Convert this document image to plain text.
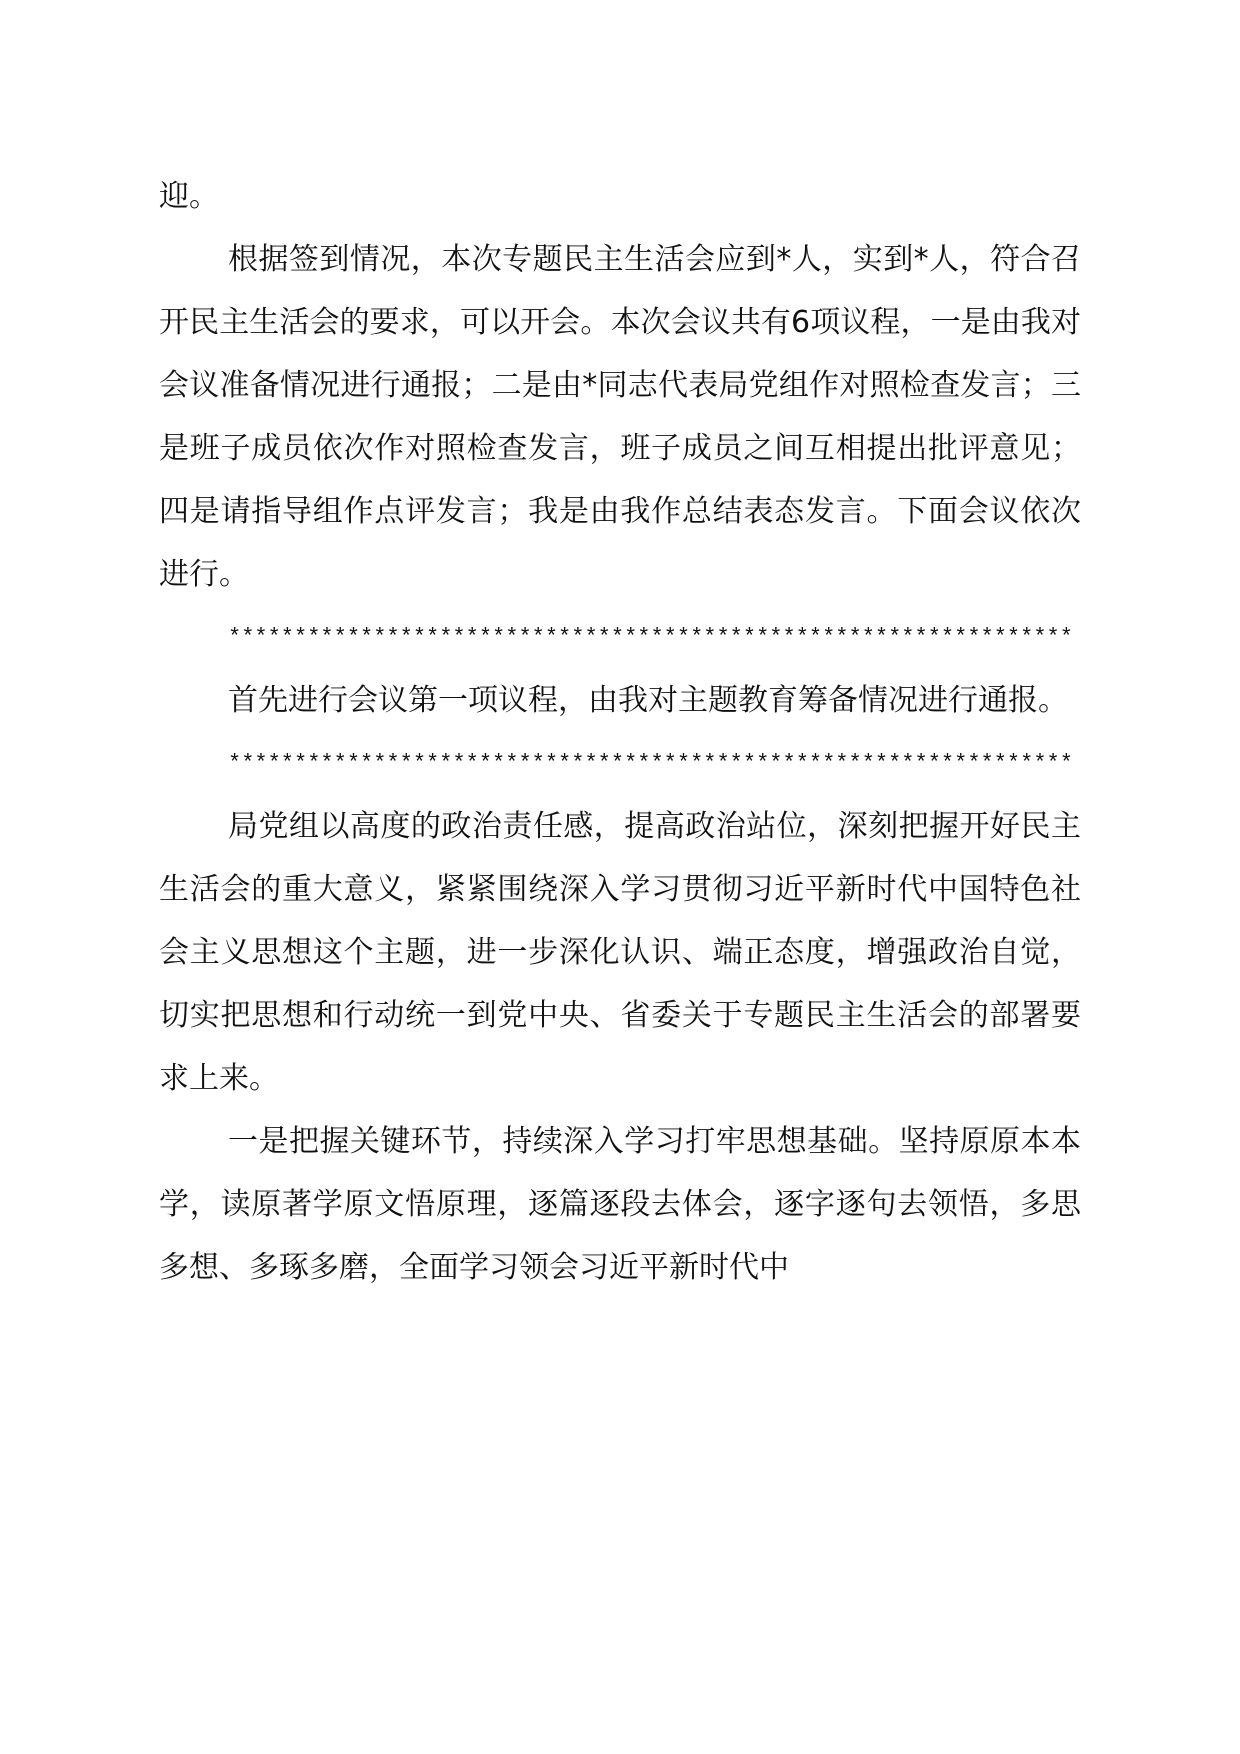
迎。

根据签到情况，本次专题民主生活会应到*人，实到*人，符合召开民主生活会的要求，可以开会。本次会议共有6项议程，一是由我对会议准备情况进行通报；二是由*同志代表局党组作对照检查发言；三是班子成员依次作对照检查发言，班子成员之间互相提出批评意见；四是请指导组作点评发言；我是由我作总结表态发言。下面会议依次进行。

****************************************************************

首先进行会议第一项议程，由我对主题教育筹备情况进行通报。

****************************************************************

局党组以高度的政治责任感，提高政治站位，深刻把握开好民主生活会的重大意义，紧紧围绕深入学习贯彻习近平新时代中国特色社会主义思想这个主题，进一步深化认识、端正态度，增强政治自觉，切实把思想和行动统一到党中央、省委关于专题民主生活会的部署要求上来。

一是把握关键环节，持续深入学习打牢思想基础。坚持原原本本学，读原著学原文悟原理，逐篇逐段去体会，逐字逐句去领悟，多思多想、多琢多磨，全面学习领会习近平新时代中
